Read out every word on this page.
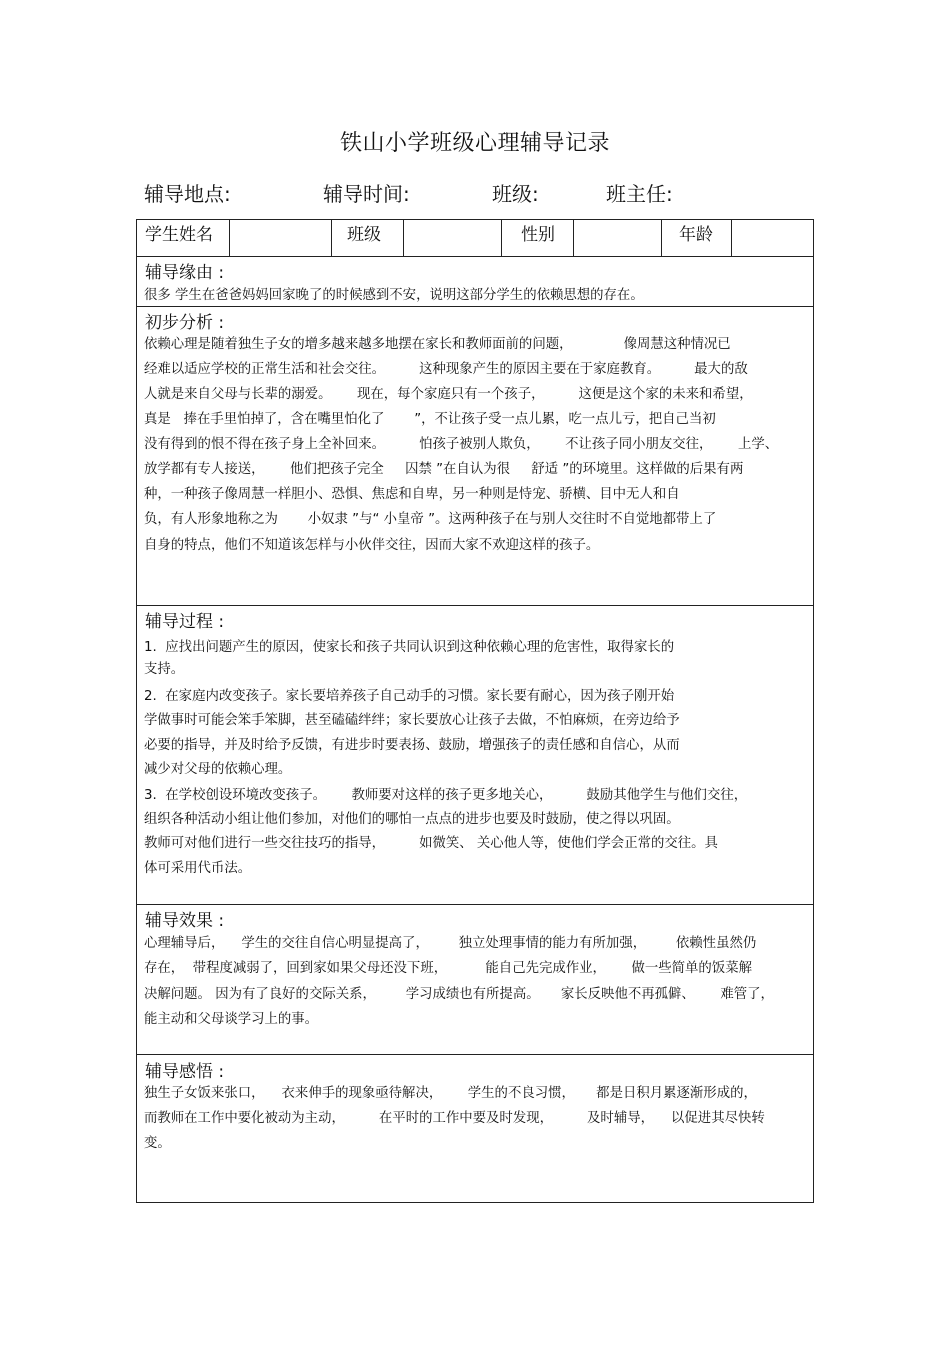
铁山小学班级心理辅导记录
辅导地点:	辅导时间:	班级:	班主任:
学生姓名	班级	性别	年龄
辅导缘由 :
很多 学生在爸爸妈妈回家晚了的时候感到不安，说明这部分学生的依赖思想的存在。
初步分析 :
依赖心理是随着独生子女的增多越来越多地摆在家长和教师面前的问题，            像周慧这种情况已
经难以适应学校的正常生活和社会交往。        这种现象产生的原因主要在于家庭教育。        最大的敌
人就是来自父母与长辈的溺爱。      现在，每个家庭只有一个孩子，        这便是这个家的未来和希望，
真是   捧在手里怕掉了，含在嘴里怕化了       ”，不让孩子受一点儿累，吃一点儿亏，把自己当初
没有得到的恨不得在孩子身上全补回来。        怕孩子被别人欺负，      不让孩子同小朋友交往，      上学、
放学都有专人接送，      他们把孩子完全     囚禁 ”在自认为很     舒适 ”的环境里。这样做的后果有两
种，一种孩子像周慧一样胆小、恐惧、焦虑和自卑，另一种则是恃宠、骄横、目中无人和自
负，有人形象地称之为       小奴隶 ”与“ 小皇帝 ”。这两种孩子在与别人交往时不自觉地都带上了
自身的特点，他们不知道该怎样与小伙伴交往，因而大家不欢迎这样的孩子。
辅导过程 :
1.  应找出问题产生的原因，使家长和孩子共同认识到这种依赖心理的危害性，取得家长的
支持。
2.  在家庭内改变孩子。家长要培养孩子自己动手的习惯。家长要有耐心，因为孩子刚开始
学做事时可能会笨手笨脚，甚至磕磕绊绊；家长要放心让孩子去做，不怕麻烦，在旁边给予
必要的指导，并及时给予反馈，有进步时要表扬、鼓励，增强孩子的责任感和自信心，从而
减少对父母的依赖心理。
3.  在学校创设环境改变孩子。      教师要对这样的孩子更多地关心，        鼓励其他学生与他们交往，
组织各种活动小组让他们参加，对他们的哪怕一点点的进步也要及时鼓励，使之得以巩固。
教师可对他们进行一些交往技巧的指导，        如微笑、 关心他人等，使他们学会正常的交往。具
体可采用代币法。
辅导效果 :
心理辅导后，    学生的交往自信心明显提高了，       独立处理事情的能力有所加强，       依赖性虽然仍
存在，  带程度减弱了，回到家如果父母还没下班，         能自己先完成作业，      做一些简单的饭菜解
决解问题。 因为有了良好的交际关系，       学习成绩也有所提高。     家长反映他不再孤僻、      难管了，
能主动和父母谈学习上的事。
辅导感悟 :
独生子女饭来张口，    衣来伸手的现象亟待解决，      学生的不良习惯，     都是日积月累逐渐形成的，
而教师在工作中要化被动为主动，        在平时的工作中要及时发现，        及时辅导，    以促进其尽快转
变。
